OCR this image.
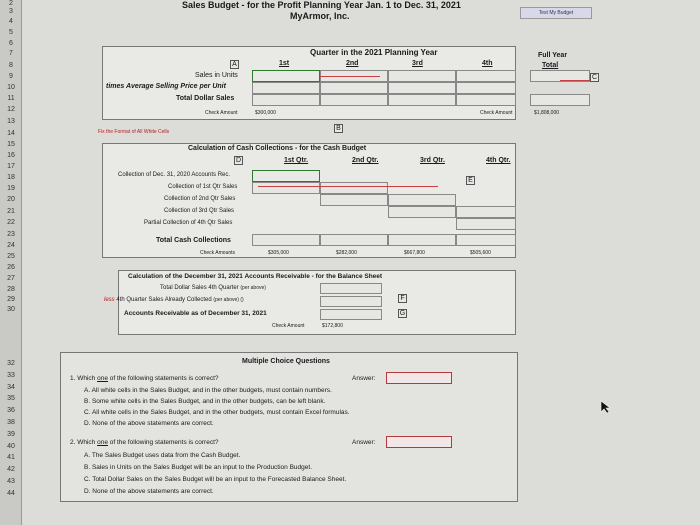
2
3
4
5
6
7
8
9
10
11
12
13
14
15
16
17
18
19
20
21
22
23
24
25
26
27
28
29
30
32
33
34
35
36
38
39
40
41
42
43
44
Sales Budget - for the Profit Planning Year Jan. 1 to Dec. 31, 2021
MyArmor, Inc.	Test My Budget
Quarter in the 2021 Planning Year
1st	2nd	3rd	4th
Full Year
Total
A
Sales in Units
times Average Selling Price per Unit
Total Dollar Sales
C
Check Amount	$300,000	Check Amount	$1,808,000
Fix the Format of All White Cells	B
Calculation of Cash Collections - for the Cash Budget
D	1st Qtr.	2nd Qtr.	3rd Qtr.	4th Qtr.
E
Collection of Dec. 31, 2020 Accounts Rec.
Collection of 1st Qtr Sales
Collection of 2nd Qtr Sales
Collection of 3rd Qtr Sales
Partial Collection of 4th Qtr Sales
Total Cash Collections
Check Amounts	$305,000	$282,000	$667,800	$505,600
Calculation of the December 31, 2021 Accounts Receivable - for the Balance Sheet
Total Dollar Sales 4th Quarter (per above)
less 4th Quarter Sales Already Collected (per above) ()
Accounts Receivable as of December 31, 2021
F
G
Check Amount	$172,800
Multiple Choice Questions
1. Which one of the following statements is correct?	Answer:
A. All white cells in the Sales Budget, and in the other budgets, must contain numbers.
B. Some white cells in the Sales Budget, and in the other budgets, can be left blank.
C. All white cells in the Sales Budget, and in the other budgets, must contain Excel formulas.
D. None of the above statements are correct.
2. Which one of the following statements is correct?	Answer:
A. The Sales Budget uses data from the Cash Budget.
B. Sales in Units on the Sales Budget will be an input to the Production Budget.
C. Total Dollar Sales on the Sales Budget will be an input to the Forecasted Balance Sheet.
D. None of the above statements are correct.
